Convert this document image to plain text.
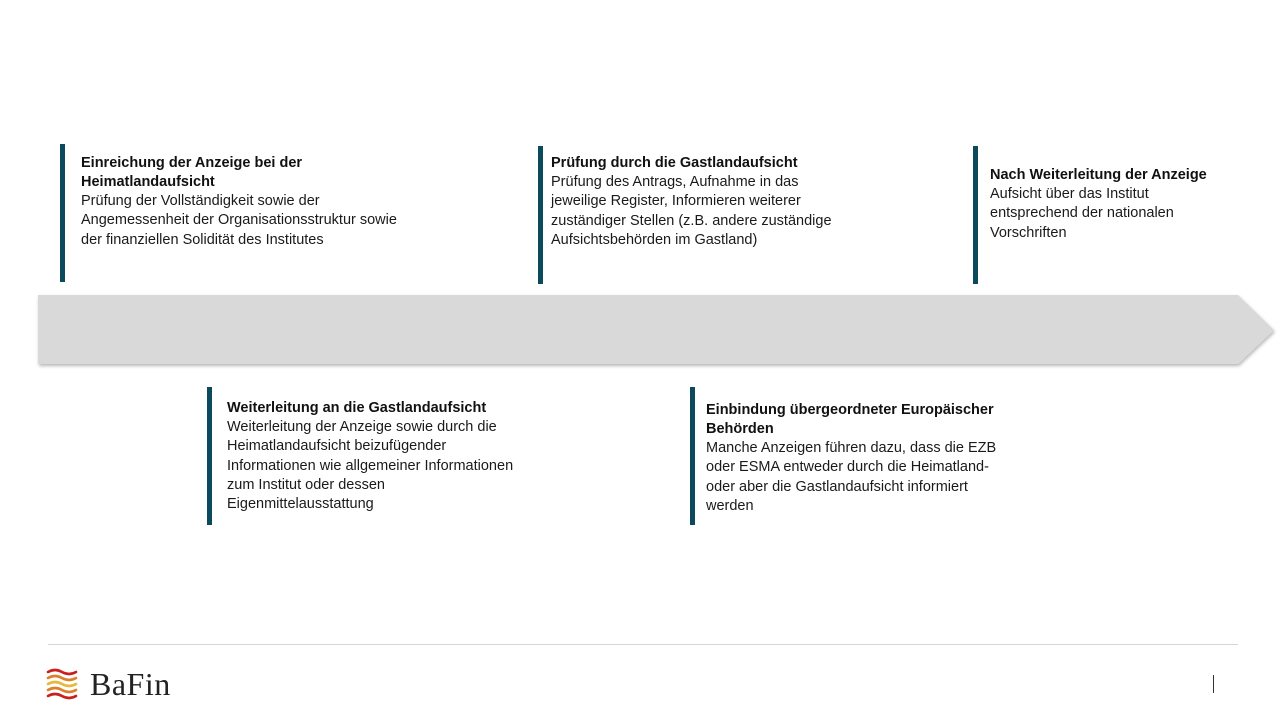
Einreichung der Anzeige bei der Heimatlandaufsicht
Prüfung der Vollständigkeit sowie der Angemessenheit der Organisationsstruktur sowie der finanziellen Solidität des Institutes
Weiterleitung an die Gastlandaufsicht
Weiterleitung der Anzeige sowie durch die Heimatlandaufsicht beizufügender Informationen wie allgemeiner Informationen zum Institut oder dessen Eigenmittelausstattung
Prüfung durch die Gastlandaufsicht
Prüfung des Antrags, Aufnahme in das jeweilige Register, Informieren weiterer zuständiger Stellen (z.B. andere zuständige Aufsichtsbehörden im Gastland)
Einbindung übergeordneter Europäischer Behörden
Manche Anzeigen führen dazu, dass die EZB oder ESMA entweder durch die Heimatland- oder aber die Gastlandaufsicht informiert werden
Nach Weiterleitung der Anzeige
Aufsicht über das Institut entsprechend der nationalen Vorschriften
BaFin
